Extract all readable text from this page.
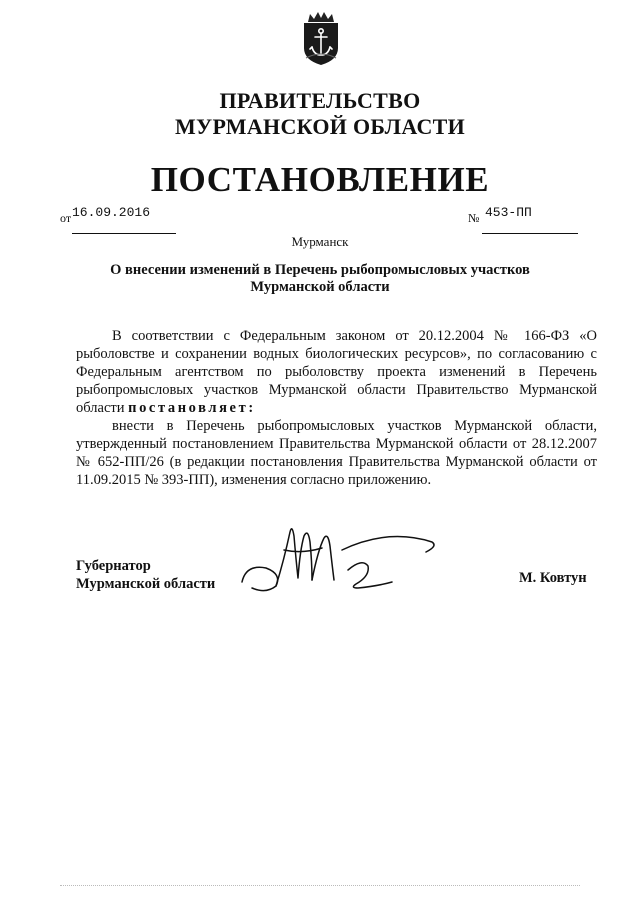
ПРАВИТЕЛЬСТВО
МУРМАНСКОЙ ОБЛАСТИ
ПОСТАНОВЛЕНИЕ
от 16.09.2016	№ 453-ПП
Мурманск
О внесении изменений в Перечень рыбопромысловых участков
Мурманской области

В соответствии с Федеральным законом от 20.12.2004 № 166-ФЗ «О рыболовстве и сохранении водных биологических ресурсов», по согласованию с Федеральным агентством по рыболовству проекта изменений в Перечень рыбопромысловых участков Мурманской области Правительство Мурманской области постановляет:

внести в Перечень рыбопромысловых участков Мурманской области, утвержденный постановлением Правительства Мурманской области от 28.12.2007 № 652-ПП/26 (в редакции постановления Правительства Мурманской области от 11.09.2015 № 393-ПП), изменения согласно приложению.

Губернатор
Мурманской области	М. Ковтун
